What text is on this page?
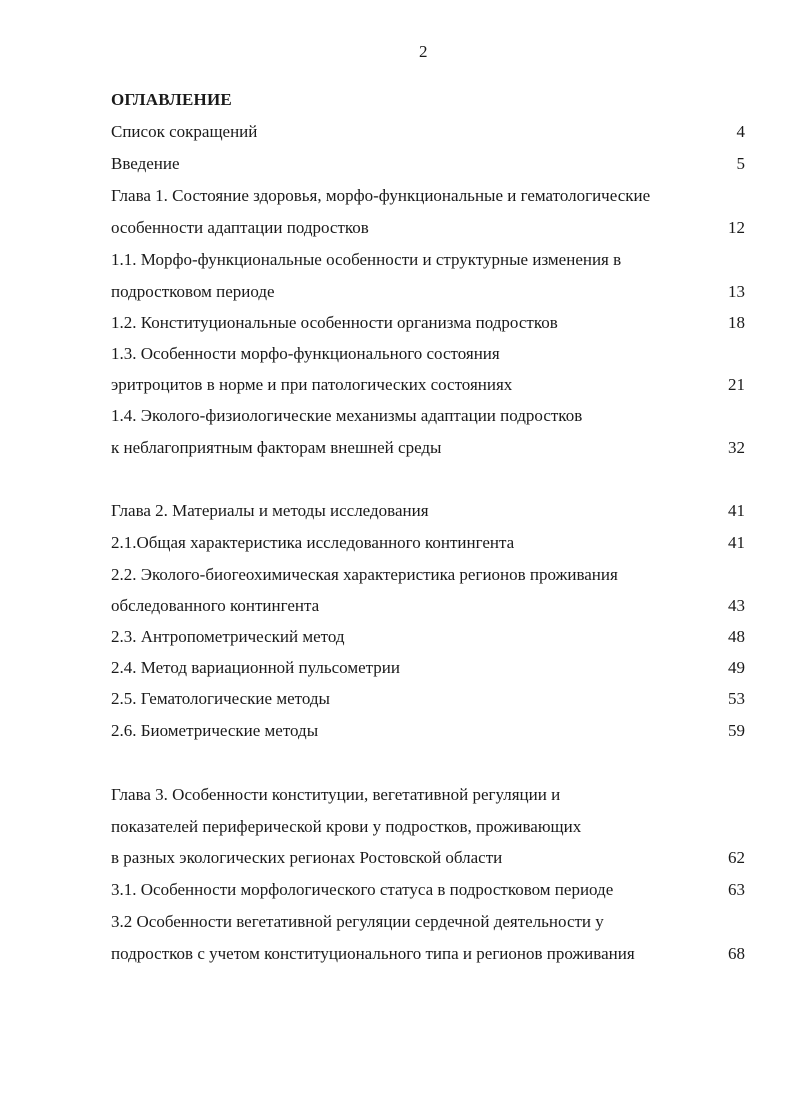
2
ОГЛАВЛЕНИЕ
Список сокращений	4
Введение	5
Глава 1. Состояние здоровья, морфо-функциональные и гематологические
особенности адаптации подростков	12
1.1. Морфо-функциональные особенности и структурные изменения в
подростковом периоде	13
1.2. Конституциональные особенности организма подростков	18
1.3. Особенности морфо-функционального состояния
эритроцитов в норме и при патологических состояниях	21
1.4. Эколого-физиологические механизмы адаптации подростков
к неблагоприятным факторам внешней среды	32
Глава 2. Материалы и методы исследования	41
2.1.Общая характеристика исследованного контингента	41
2.2. Эколого-биогеохимическая характеристика регионов проживания
обследованного контингента	43
2.3. Антропометрический метод	48
2.4. Метод вариационной пульсометрии	49
2.5. Гематологические методы	53
2.6. Биометрические методы	59
Глава 3. Особенности конституции, вегетативной регуляции и
показателей периферической крови у подростков, проживающих
в разных экологических регионах Ростовской области	62
3.1. Особенности морфологического статуса в подростковом периоде	63
3.2 Особенности вегетативной регуляции сердечной деятельности у
подростков с учетом конституционального типа и регионов проживания	68
